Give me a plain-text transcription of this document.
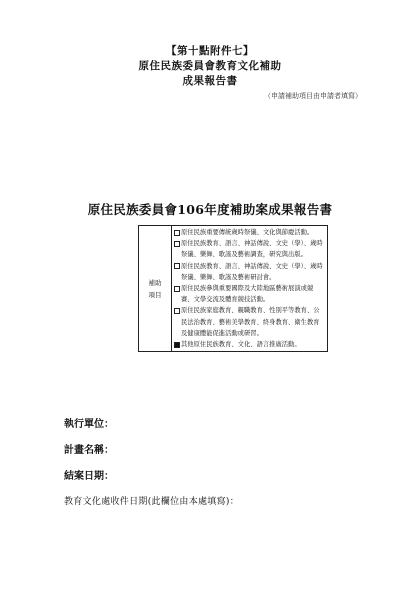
【第十點附件七】
原住民族委員會教育文化補助
成果報告書
（申請補助項目由申請者填寫）
原住民族委員會106年度補助案成果報告書
補助
項目

原住民族重要傳統歲時祭儀、文化與節慶活動。
原住民族教育、語言、神話傳說、文史（學）、歲時祭儀、樂舞、歌謠及藝術調查，研究與出版。
原住民族教育、語言、神話傳說、文史（學）、歲時祭儀、樂舞、歌謠及藝術研討會。
原住民族參與重要國際及大陸地區藝術展演或競賽、文學交流及體育競技活動。
原住民族家庭教育、親職教育、性別平等教育、公民法治教育、藝術美學教育、終身教育、衛生教育及健康體能促進活動或研習。
其他原住民族教育、文化、語言推廣活動。
執行單位：
計畫名稱：
結案日期：
教育文化處收件日期(此欄位由本處填寫)：
